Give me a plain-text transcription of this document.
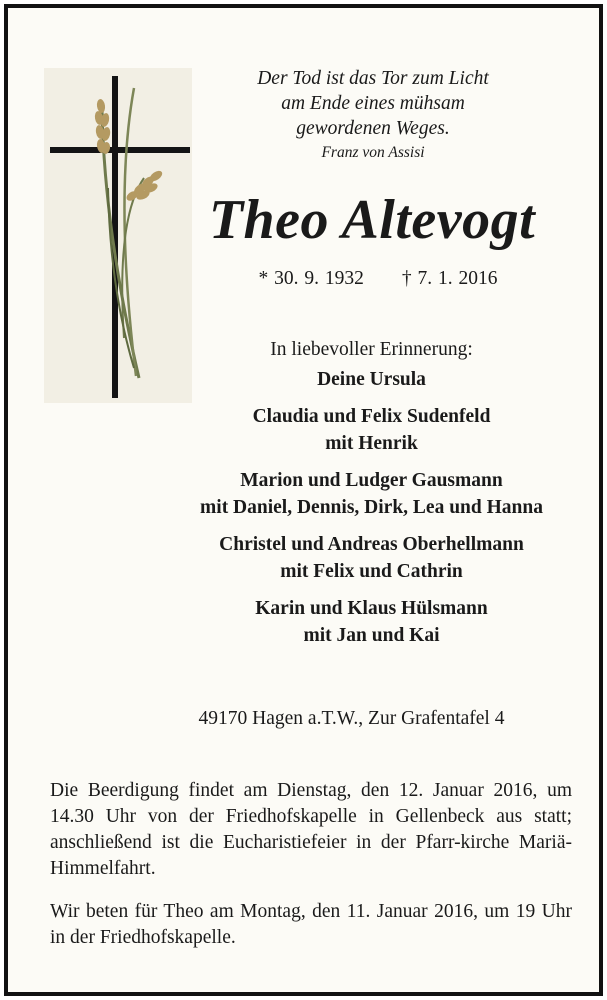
Der Tod ist das Tor zum Licht
am Ende eines mühsam
gewordenen Weges.
Franz von Assisi
Theo Altevogt
* 30. 9. 1932 † 7. 1. 2016
In liebevoller Erinnerung:
Deine Ursula
Claudia und Felix Sudenfeld
mit Henrik
Marion und Ludger Gausmann
mit Daniel, Dennis, Dirk, Lea und Hanna
Christel und Andreas Oberhellmann
mit Felix und Cathrin
Karin und Klaus Hülsmann
mit Jan und Kai
49170 Hagen a.T.W., Zur Grafentafel 4
Die Beerdigung findet am Dienstag, den 12. Januar 2016, um 14.30 Uhr von der Friedhofskapelle in Gellenbeck aus statt; anschließend ist die Eucharistiefeier in der Pfarr-kirche Mariä-Himmelfahrt.
Wir beten für Theo am Montag, den 11. Januar 2016, um 19 Uhr in der Friedhofskapelle.
